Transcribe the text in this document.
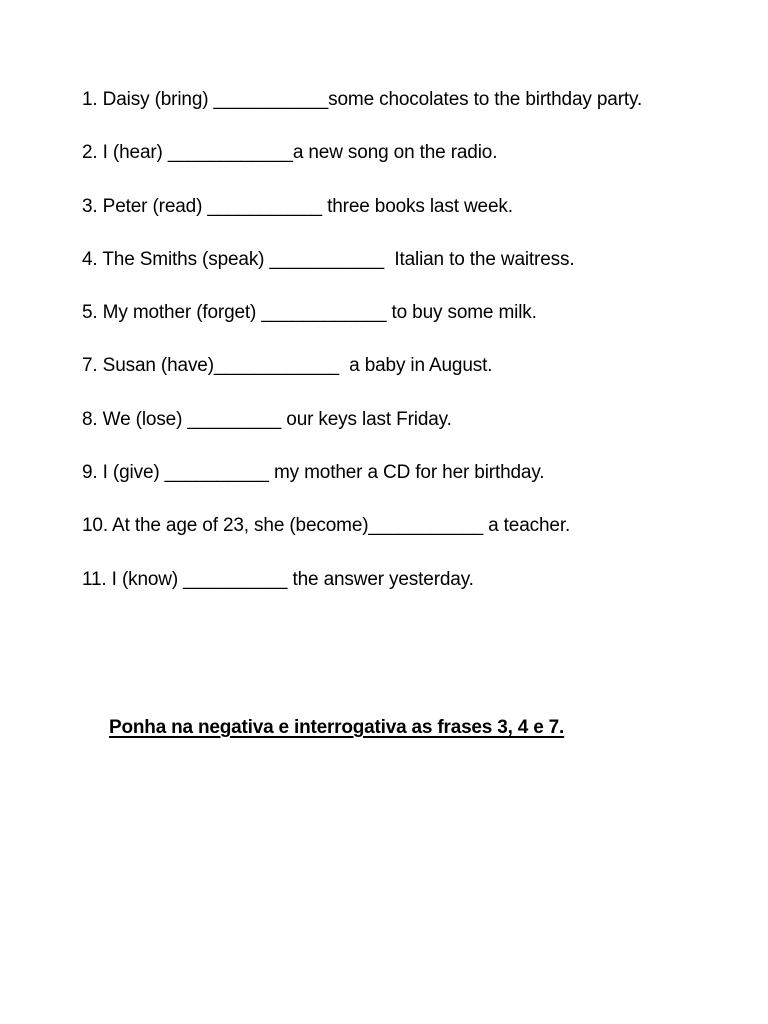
1. Daisy (bring) ___________some chocolates to the birthday party.
2. I (hear) ____________a new song on the radio.
3. Peter (read) ___________ three books last week.
4. The Smiths (speak) ___________  Italian to the waitress.
5. My mother (forget) ____________ to buy some milk.
7. Susan (have)____________  a baby in August.
8. We (lose) _________ our keys last Friday.
9. I (give) __________ my mother a CD for her birthday.
10. At the age of 23, she (become)___________ a teacher.
11. I (know) __________ the answer yesterday.
Ponha na negativa e interrogativa as frases 3, 4 e 7.
